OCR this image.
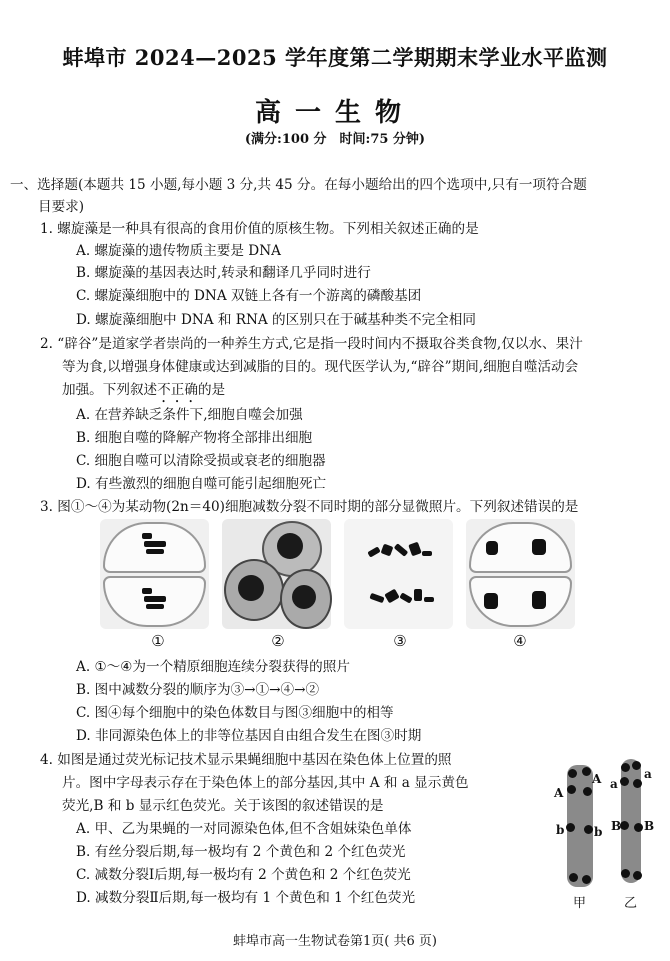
蚌埠市 2024—2025 学年度第二学期期末学业水平监测
高一生物
(满分:100 分　时间:75 分钟)
一、选择题(本题共 15 小题,每小题 3 分,共 45 分。在每小题给出的四个选项中,只有一项符合题
目要求)
1. 螺旋藻是一种具有很高的食用价值的原核生物。下列相关叙述正确的是
A. 螺旋藻的遗传物质主要是 DNA
B. 螺旋藻的基因表达时,转录和翻译几乎同时进行
C. 螺旋藻细胞中的 DNA 双链上各有一个游离的磷酸基团
D. 螺旋藻细胞中 DNA 和 RNA 的区别只在于碱基种类不完全相同
2. “辟谷”是道家学者崇尚的一种养生方式,它是指一段时间内不摄取谷类食物,仅以水、果汁
等为食,以增强身体健康或达到减脂的目的。现代医学认为,“辟谷”期间,细胞自噬活动会
加强。下列叙述不正确的是
A. 在营养缺乏条件下,细胞自噬会加强
B. 细胞自噬的降解产物将全部排出细胞
C. 细胞自噬可以清除受损或衰老的细胞器
D. 有些激烈的细胞自噬可能引起细胞死亡
3. 图①～④为某动物(2n＝40)细胞减数分裂不同时期的部分显微照片。下列叙述错误的是
①	②	③	④
A. ①～④为一个精原细胞连续分裂获得的照片
B. 图中减数分裂的顺序为③→①→④→②
C. 图④每个细胞中的染色体数目与图③细胞中的相等
D. 非同源染色体上的非等位基因自由组合发生在图③时期
4. 如图是通过荧光标记技术显示果蝇细胞中基因在染色体上位置的照
片。图中字母表示存在于染色体上的部分基因,其中 A 和 a 显示黄色
荧光,B 和 b 显示红色荧光。关于该图的叙述错误的是
A. 甲、乙为果蝇的一对同源染色体,但不含姐妹染色单体
B. 有丝分裂后期,每一极均有 2 个黄色和 2 个红色荧光
C. 减数分裂Ⅰ后期,每一极均有 2 个黄色和 2 个红色荧光
D. 减数分裂Ⅱ后期,每一极均有 1 个黄色和 1 个红色荧光
A
A
b b
a
a
B B
甲	乙
蚌埠市高一生物试卷第1页( 共6 页)
